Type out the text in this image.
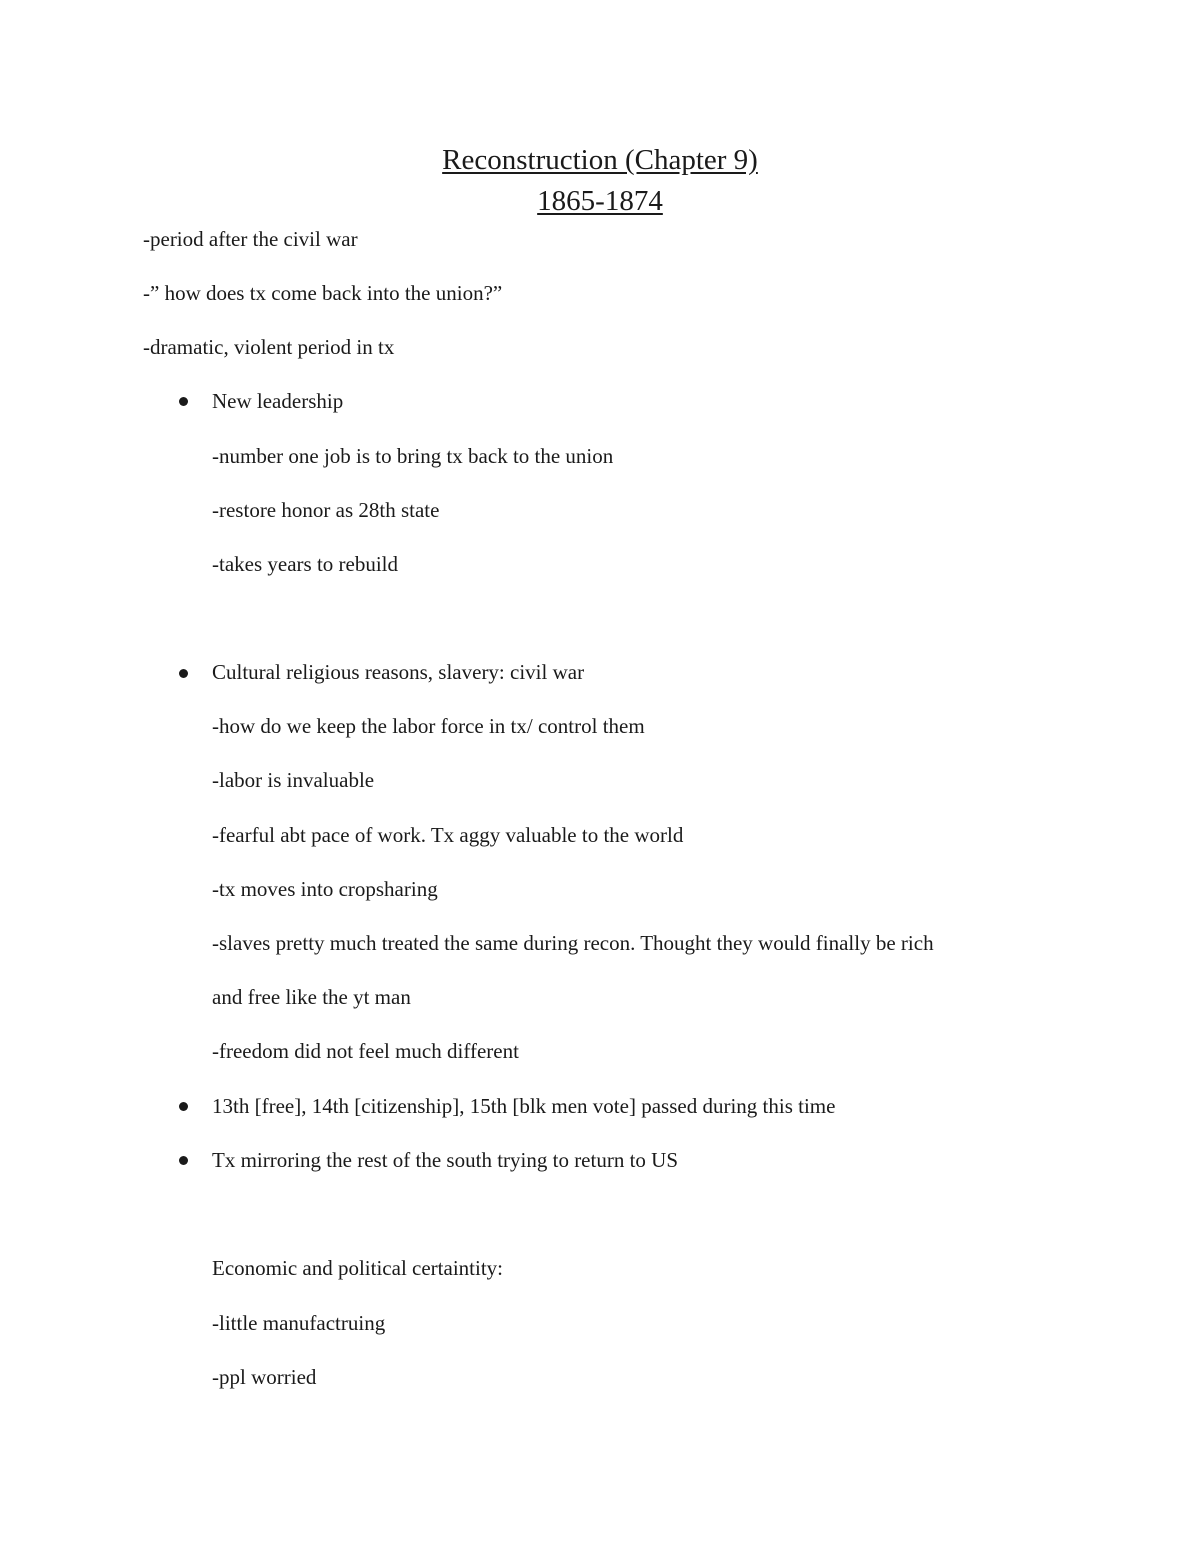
Reconstruction (Chapter 9)
1865-1874
-period after the civil war
-” how does tx come back into the union?”
-dramatic, violent period in tx
New leadership
-number one job is to bring tx back to the union
-restore honor as 28th state
-takes years to rebuild
Cultural religious reasons, slavery: civil war
-how do we keep the labor force in tx/ control them
-labor is invaluable
-fearful abt pace of work. Tx aggy valuable to the world
-tx moves into cropsharing
-slaves pretty much treated the same during recon. Thought they would finally be rich
and free like the yt man
-freedom did not feel much different
13th [free], 14th [citizenship], 15th [blk men vote] passed during this time
Tx mirroring the rest of the south trying to return to US
Economic and political certaintity:
-little manufactruing
-ppl worried
